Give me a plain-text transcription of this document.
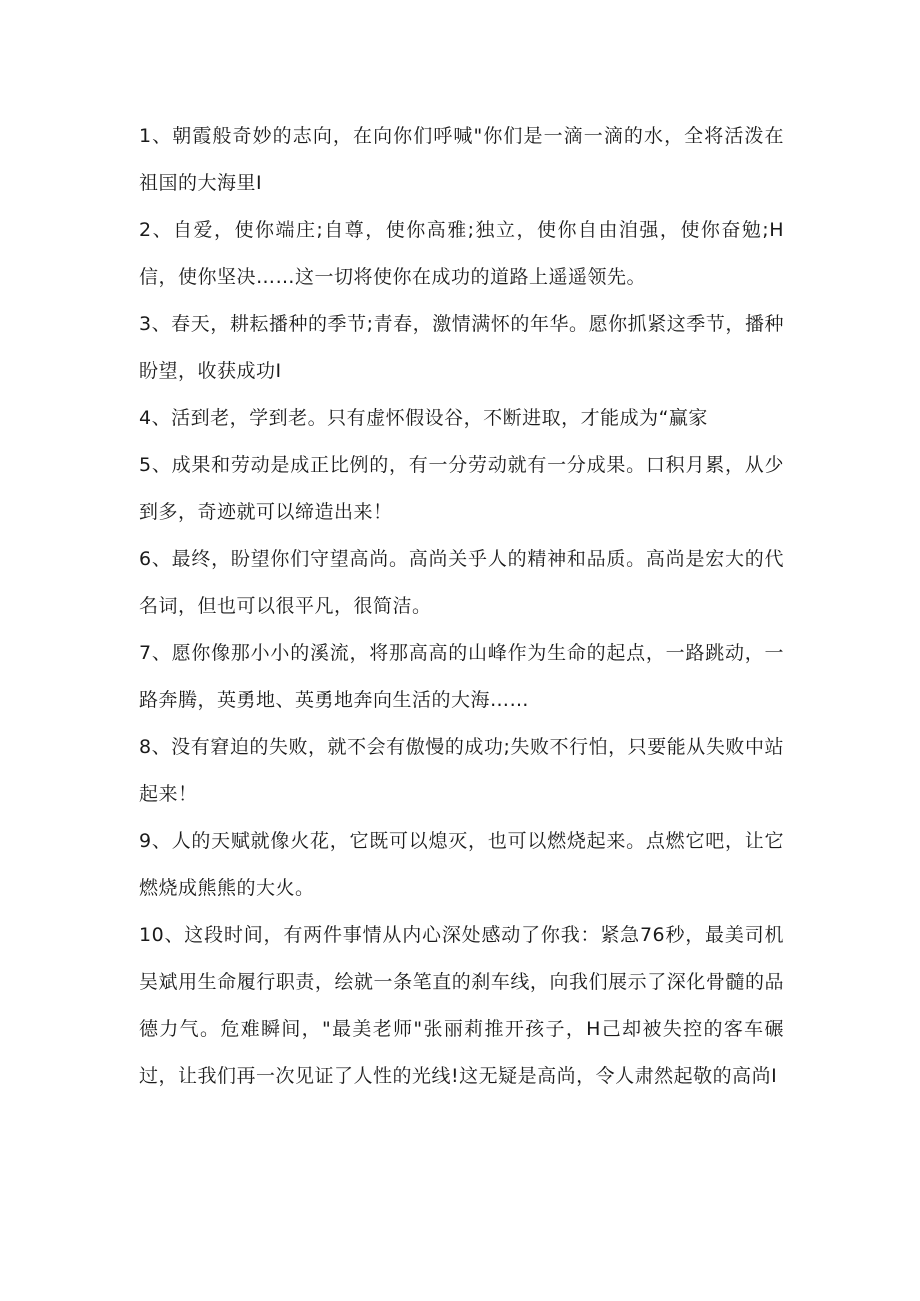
1、朝霞般奇妙的志向，在向你们呼喊"你们是一滴一滴的水，全将活泼在祖国的大海里I

2、自爱，使你端庄;自尊，使你高雅;独立，使你自由洎强，使你奋勉;H信，使你坚决……这一切将使你在成功的道路上遥遥领先。

3、春天，耕耘播种的季节;青春，激情满怀的年华。愿你抓紧这季节，播种盼望，收获成功I

4、活到老，学到老。只有虚怀假设谷，不断进取，才能成为“赢家

5、成果和劳动是成正比例的，有一分劳动就有一分成果。口积月累，从少到多，奇迹就可以缔造出来！

6、最终，盼望你们守望高尚。高尚关乎人的精神和品质。高尚是宏大的代名词，但也可以很平凡，很简洁。

7、愿你像那小小的溪流，将那高高的山峰作为生命的起点，一路跳动，一路奔腾，英勇地、英勇地奔向生活的大海……

8、没有窘迫的失败，就不会有傲慢的成功;失败不行怕，只要能从失败中站起来！

9、人的天赋就像火花，它既可以熄灭，也可以燃烧起来。点燃它吧，让它燃烧成熊熊的大火。

10、这段时间，有两件事情从内心深处感动了你我：紧急76秒，最美司机吴斌用生命履行职责，绘就一条笔直的刹车线，向我们展示了深化骨髓的品德力气。危难瞬间，"最美老师"张丽莉推开孩子，H己却被失控的客车碾过，让我们再一次见证了人性的光线!这无疑是高尚，令人肃然起敬的高尚I
